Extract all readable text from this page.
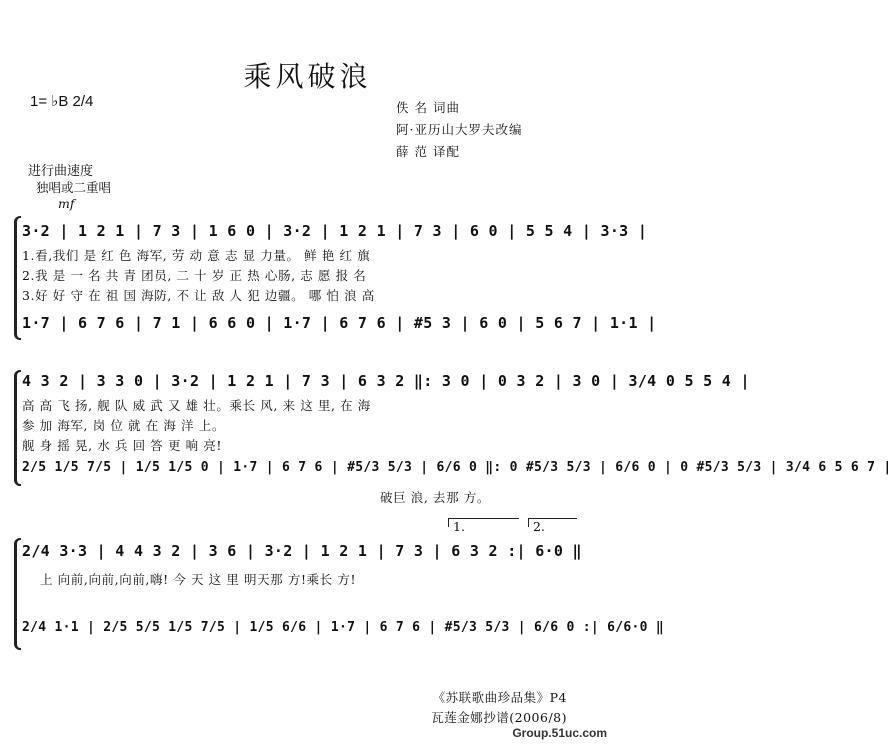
乘风破浪
1= ♭B 2/4	佚 名 词曲
阿·亚历山大罗夫改编
薛 范 译配
进行曲速度
独唱或二重唱
mf
3·2 | 1 2 1 | 7 3 | 1 6 0 | 3·2 | 1 2 1 | 7 3 | 6 0 | 5 5 4 | 3·3 |
1.看,我们 是 红 色 海军, 劳 动 意 志 显 力量。 鲜 艳 红 旗
2.我 是 一 名 共 青 团员, 二 十 岁 正 热 心肠, 志 愿 报 名
3.好 好 守 在 祖 国 海防, 不 让 敌 人 犯 边疆。 哪 怕 浪 高
1·7 | 6 7 6 | 7 1 | 6 6 0 | 1·7 | 6 7 6 | #5 3 | 6 0 | 5 6 7 | 1·1 |
4 3 2 | 3 3 0 | 3·2 | 1 2 1 | 7 3 | 6 3 2 ‖: 3 0 | 0 3 2 | 3 0 | 3/4 0 5 5 4 |
高 高 飞 扬, 舰 队 威 武 又 雄 壮。乘长 风, 来 这 里, 在 海
参 加 海军, 岗 位 就 在 海 洋 上。
舰 身 摇 晃, 水 兵 回 答 更 响 亮!
2/5 1/5 7/5 | 1/5 1/5 0 | 1·7 | 6 7 6 | #5/3 5/3 | 6/6 0 ‖: 0 #5/3 5/3 | 6/6 0 | 0 #5/3 5/3 | 3/4 6 5 6 7 |
破巨 浪, 去那 方。
1.	2.
2/4 3·3 | 4 4 3 2 | 3 6 | 3·2 | 1 2 1 | 7 3 | 6 3 2 :| 6·0 ‖
上 向前,向前,向前,嗨! 今 天 这 里 明天那 方!乘长 方!
2/4 1·1 | 2/5 5/5 1/5 7/5 | 1/5 6/6 | 1·7 | 6 7 6 | #5/3 5/3 | 6/6 0 :| 6/6·0 ‖
《苏联歌曲珍品集》P4
瓦莲金娜抄谱(2006/8)
Group.51uc.com
